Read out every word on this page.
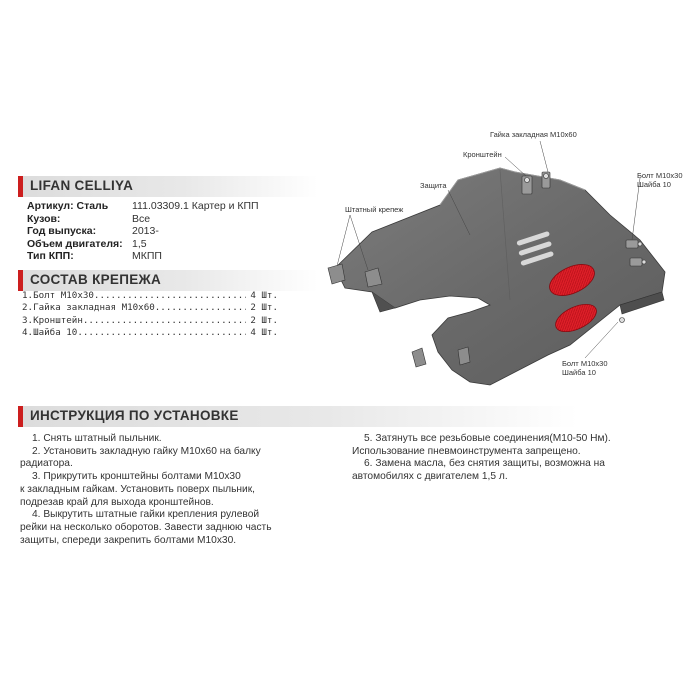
LIFAN CELLIYA
Артикул: Сталь	111.03309.1 Картер и КПП
Кузов:	Все
Год выпуска:	2013-
Объем двигателя: 1,5
Тип КПП:	МКПП
СОСТАВ КРЕПЕЖА
1.Болт М10х30 .....	4 Шт.
2.Гайка закладная М10х60 .....	2 Шт.
3.Кронштейн .....	2 Шт.
4.Шайба 10 .....	4 Шт.
Гайка закладная М10х60
Кронштейн
Защита
Штатный крепеж
Болт М10х30
Шайба 10
Болт М10х30
Шайба 10
ИНСТРУКЦИЯ ПО УСТАНОВКЕ

1. Снять штатный пыльник.

2. Установить закладную гайку М10х60 на балку

радиатора.

3. Прикрутить кронштейны болтами М10х30

к закладным гайкам. Установить поверх пыльник,

подрезав край для выхода кронштейнов.

4. Выкрутить штатные гайки крепления рулевой

рейки на несколько оборотов. Завести заднюю часть

защиты, спереди закрепить болтами М10х30.

5. Затянуть все резьбовые соединения(М10-50 Нм).

Использование пневмоинструмента запрещено.

6. Замена масла, без снятия защиты, возможна на

автомобилях с двигателем 1,5 л.
